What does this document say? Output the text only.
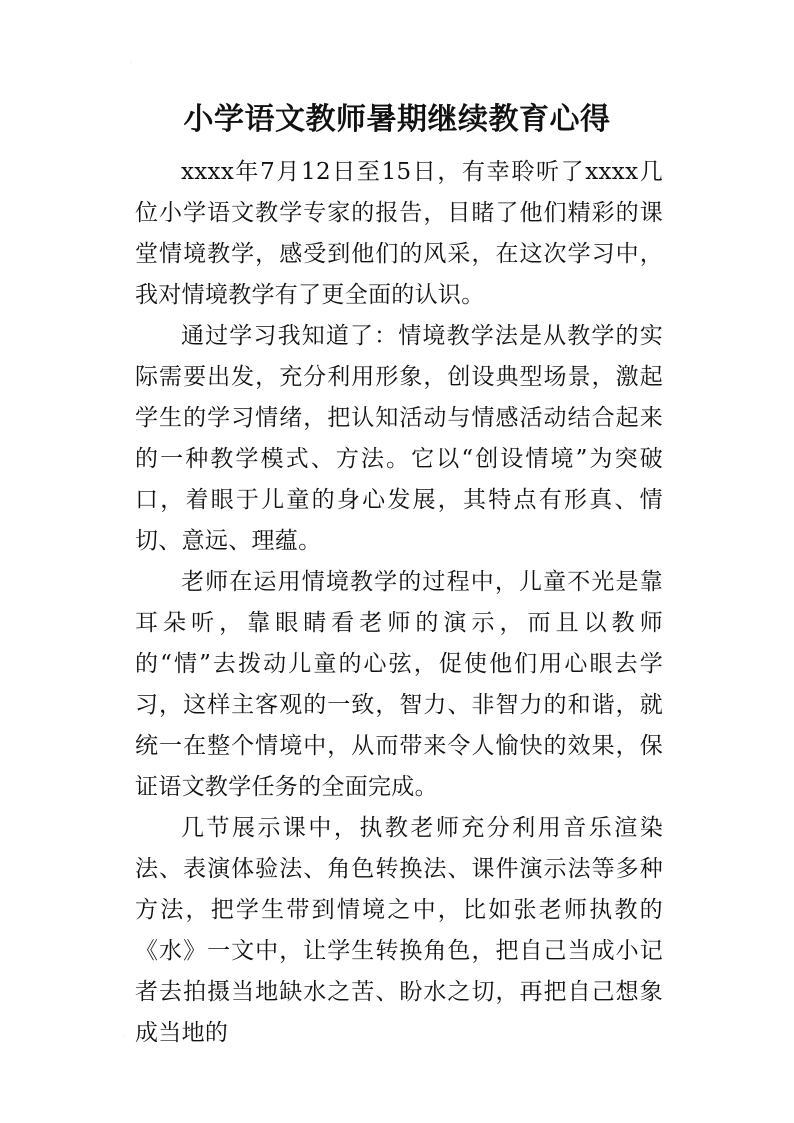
·
小学语文教师暑期继续教育心得

xxxx年7月12日至15日，有幸聆听了xxxx几位小学语文教学专家的报告，目睹了他们精彩的课堂情境教学，感受到他们的风采，在这次学习中，我对情境教学有了更全面的认识。

通过学习我知道了：情境教学法是从教学的实际需要出发，充分利用形象，创设典型场景，激起学生的学习情绪，把认知活动与情感活动结合起来的一种教学模式、方法。它以“创设情境”为突破口，着眼于儿童的身心发展，其特点有形真、情切、意远、理蕴。

老师在运用情境教学的过程中，儿童不光是靠耳朵听，靠眼睛看老师的演示，而且以教师的“情”去拨动儿童的心弦，促使他们用心眼去学习，这样主客观的一致，智力、非智力的和谐，就统一在整个情境中，从而带来令人愉快的效果，保证语文教学任务的全面完成。

几节展示课中，执教老师充分利用音乐渲染法、表演体验法、角色转换法、课件演示法等多种方法，把学生带到情境之中，比如张老师执教的《水》一文中，让学生转换角色，把自己当成小记者去拍摄当地缺水之苦、盼水之切，再把自己想象成当地的

·
